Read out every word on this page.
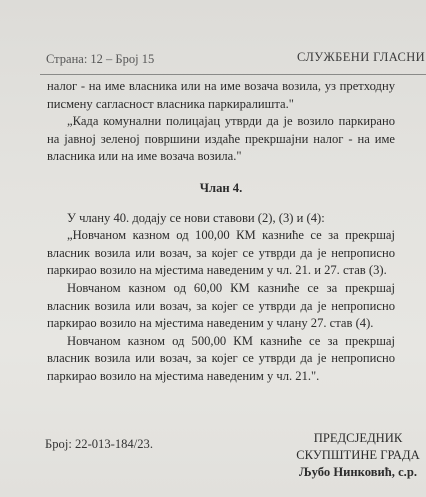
Страна: 12 – Број 15	СЛУЖБЕНИ ГЛАСНИ

налог - на име власника или на име возача возила, уз претходну писмену сагласност власника паркиралишта."

„Када комунални полицајац утврди да је возило паркирано на јавној зеленој површини издаће прекршајни налог - на име власника или на име возача возила."

Члан 4.

У члану 40. додају се нови ставови (2), (3) и (4):

„Новчаном казном од 100,00 КМ казниће се за прекршај власник возила или возач, за којег се утврди да је непрописно паркирао возило на мјестима наведеним у чл. 21. и 27. став (3).

Новчаном казном од 60,00 КМ казниће се за прекршај власник возила или возач, за којег се утврди да је непрописно паркирао возило на мјестима наведеним у члану 27. став (4).

Новчаном казном од 500,00 КМ казниће се за прекршај власник возила или возач, за којег се утврди да је непрописно паркирао возило на мјестима наведеним у чл. 21.".

Број: 22-013-184/23.	ПРЕДСЈЕДНИК
СКУПШТИНЕ ГРАДА
Љубо Нинковић, с.р.
